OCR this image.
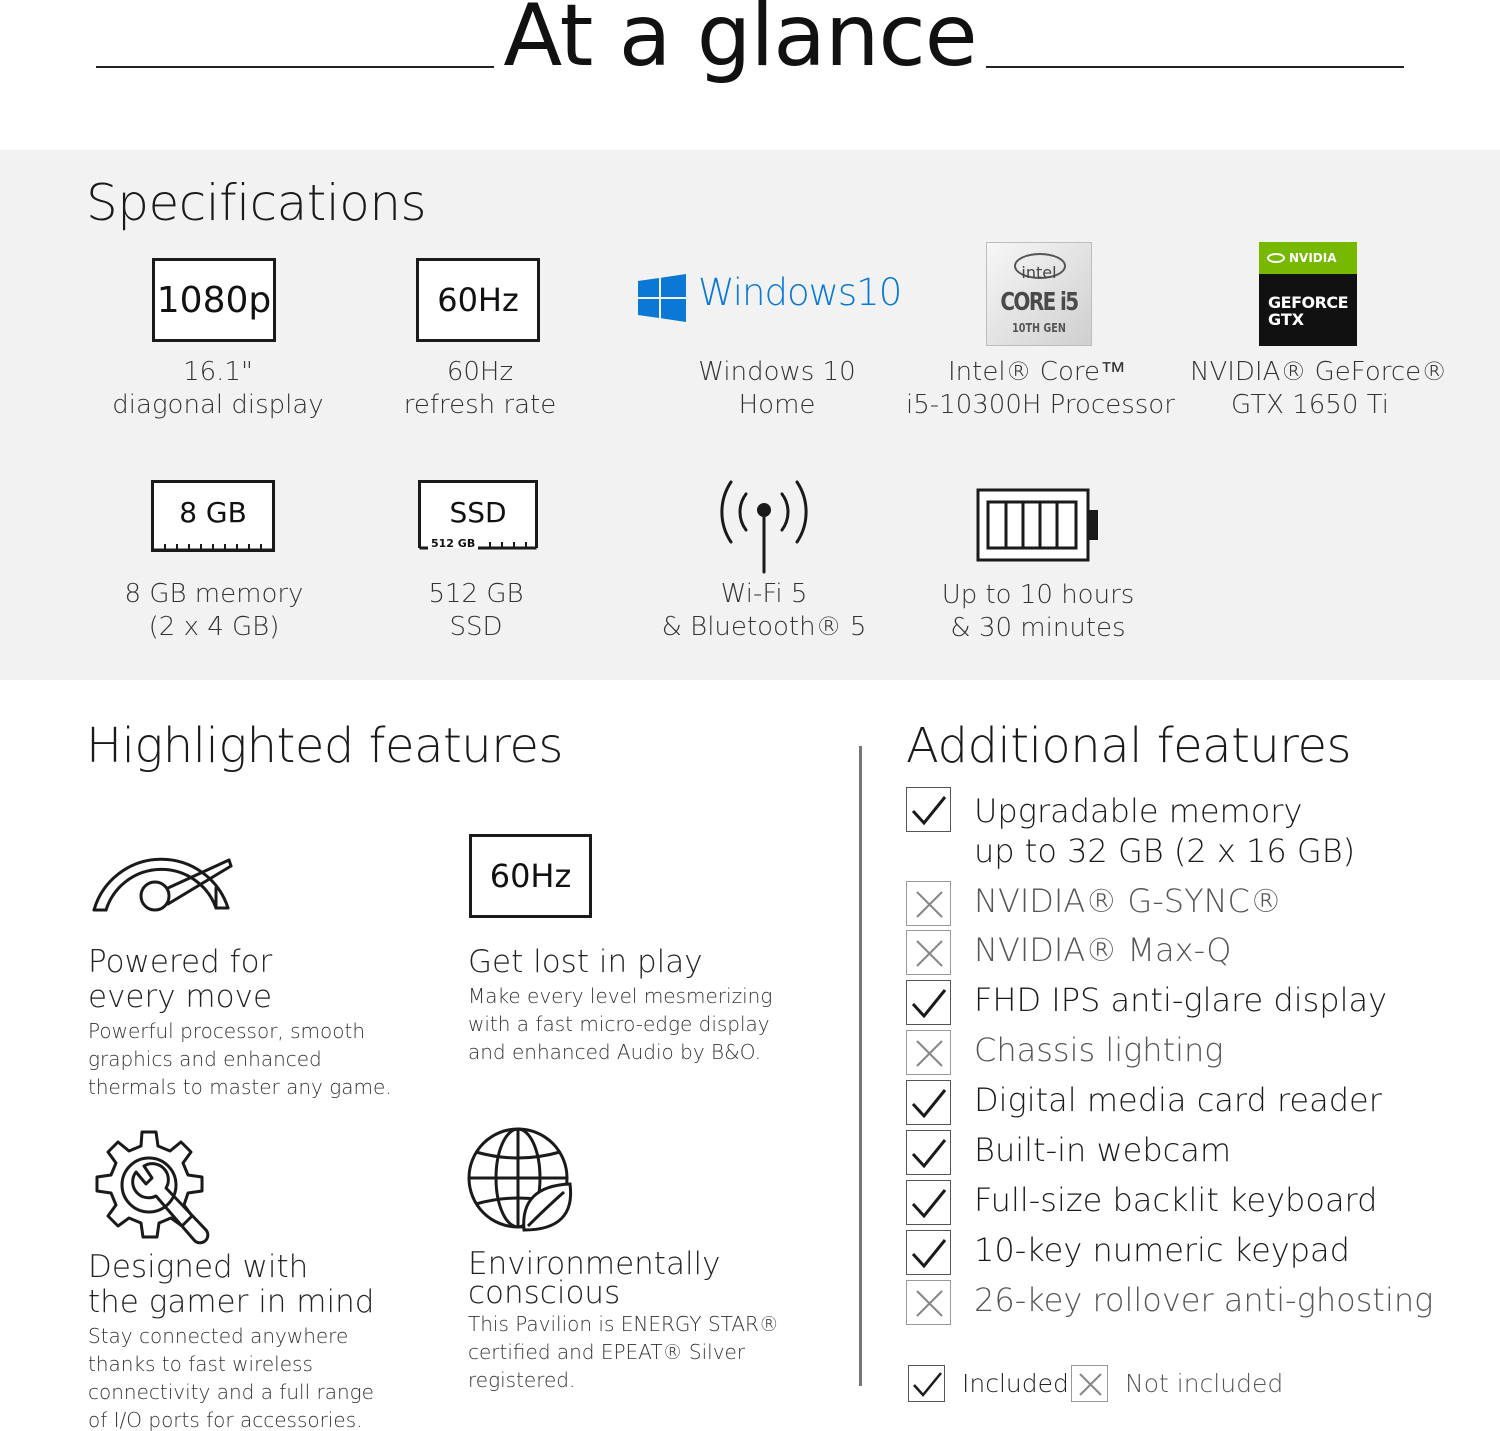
At a glance
Specifications
1080p
16.1"
diagonal display
60Hz
60Hz
refresh rate
Windows10
Windows 10
Home
intel
CORE i5
10TH GEN
Intel® Core™
i5-10300H Processor
NVIDIA
GEFORCE
GTX
NVIDIA® GeForce®
GTX 1650 Ti
8 GB
8 GB memory
(2 x 4 GB)
SSD
512 GB
512 GB
SSD
Wi-Fi 5
& Bluetooth® 5
Up to 10 hours
& 30 minutes
Highlighted features
Powered for
every move
Powerful processor, smooth
graphics and enhanced
thermals to master any game.
60Hz
Get lost in play
Make every level mesmerizing
with a fast micro-edge display
and enhanced Audio by B&O.
Designed with
the gamer in mind
Stay connected anywhere
thanks to fast wireless
connectivity and a full range
of I/O ports for accessories.
Environmentally
conscious
This Pavilion is ENERGY STAR®
certified and EPEAT® Silver
registered.
Additional features
Upgradable memory
up to 32 GB (2 x 16 GB)
NVIDIA® G-SYNC®
NVIDIA® Max-Q
FHD IPS anti-glare display
Chassis lighting
Digital media card reader
Built-in webcam
Full-size backlit keyboard
10-key numeric keypad
26-key rollover anti-ghosting
Included Not included
